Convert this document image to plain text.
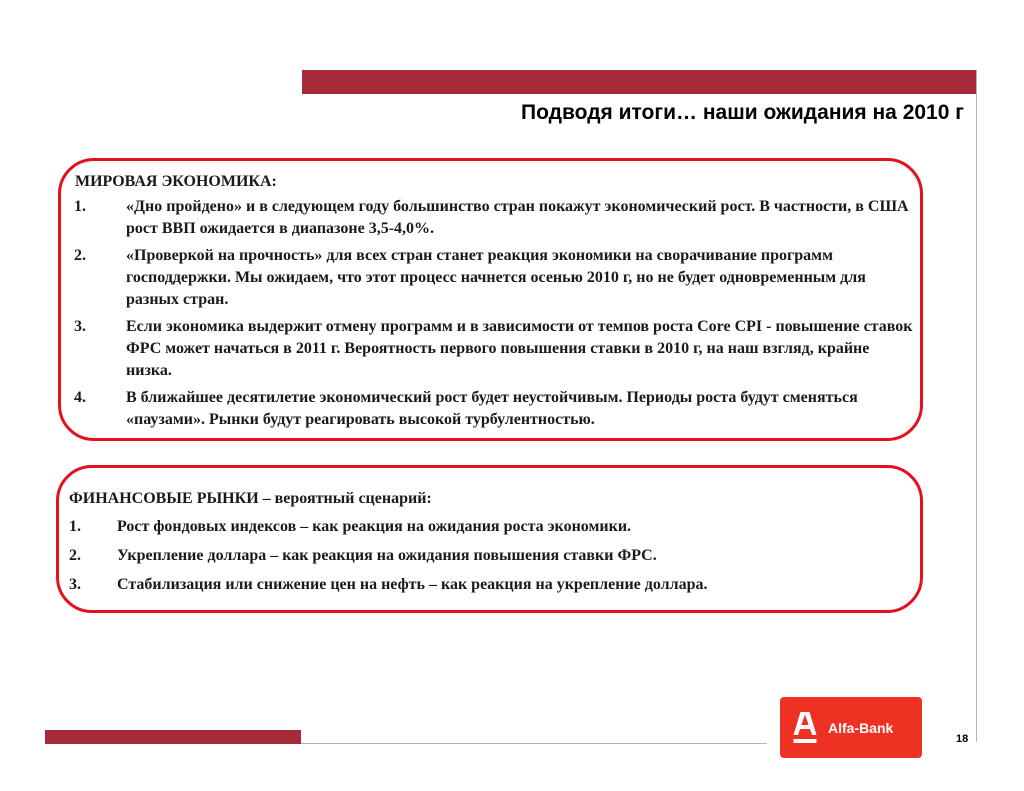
Подводя итоги… наши ожидания на 2010 г
МИРОВАЯ ЭКОНОМИКА:
1.	«Дно пройдено» и в следующем году большинство стран покажут экономический рост. В частности, в США рост ВВП ожидается в диапазоне 3,5-4,0%.
2.	«Проверкой на прочность» для всех стран станет реакция экономики на сворачивание программ господдержки. Мы ожидаем, что этот процесс начнется осенью 2010 г, но не будет одновременным для разных стран.
3.	Если экономика выдержит отмену программ и в зависимости от темпов роста Core CPI - повышение ставок ФРС может начаться в 2011 г. Вероятность первого повышения ставки в 2010 г, на наш взгляд, крайне низка.
4.	В ближайшее десятилетие экономический рост будет неустойчивым. Периоды роста будут сменяться «паузами». Рынки будут реагировать высокой турбулентностью.
ФИНАНСОВЫЕ РЫНКИ – вероятный сценарий:
1.	Рост фондовых индексов – как реакция на ожидания роста экономики.
2.	Укрепление доллара – как реакция на ожидания повышения ставки ФРС.
3.	Стабилизация или снижение цен на нефть – как реакция на укрепление доллара.
Alfa-Bank
18
